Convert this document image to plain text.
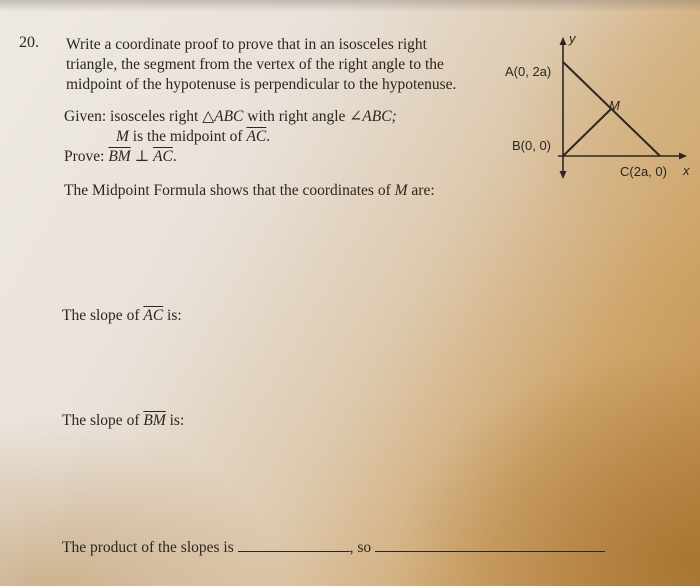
20. Write a coordinate proof to prove that in an isosceles right
triangle, the segment from the vertex of the right angle to the
midpoint of the hypotenuse is perpendicular to the hypotenuse.
Given: isosceles right △ABC with right angle ∠ABC;
M is the midpoint of $\overline{AC}$.
Prove: $\overline{BM}$ ⊥ $\overline{AC}$.
The Midpoint Formula shows that the coordinates of M are:
The slope of $\overline{AC}$ is:
The slope of $\overline{BM}$ is:
The product of the slopes is	, so
y
x
A(0, 2a)
B(0, 0)
C(2a, 0)
M
